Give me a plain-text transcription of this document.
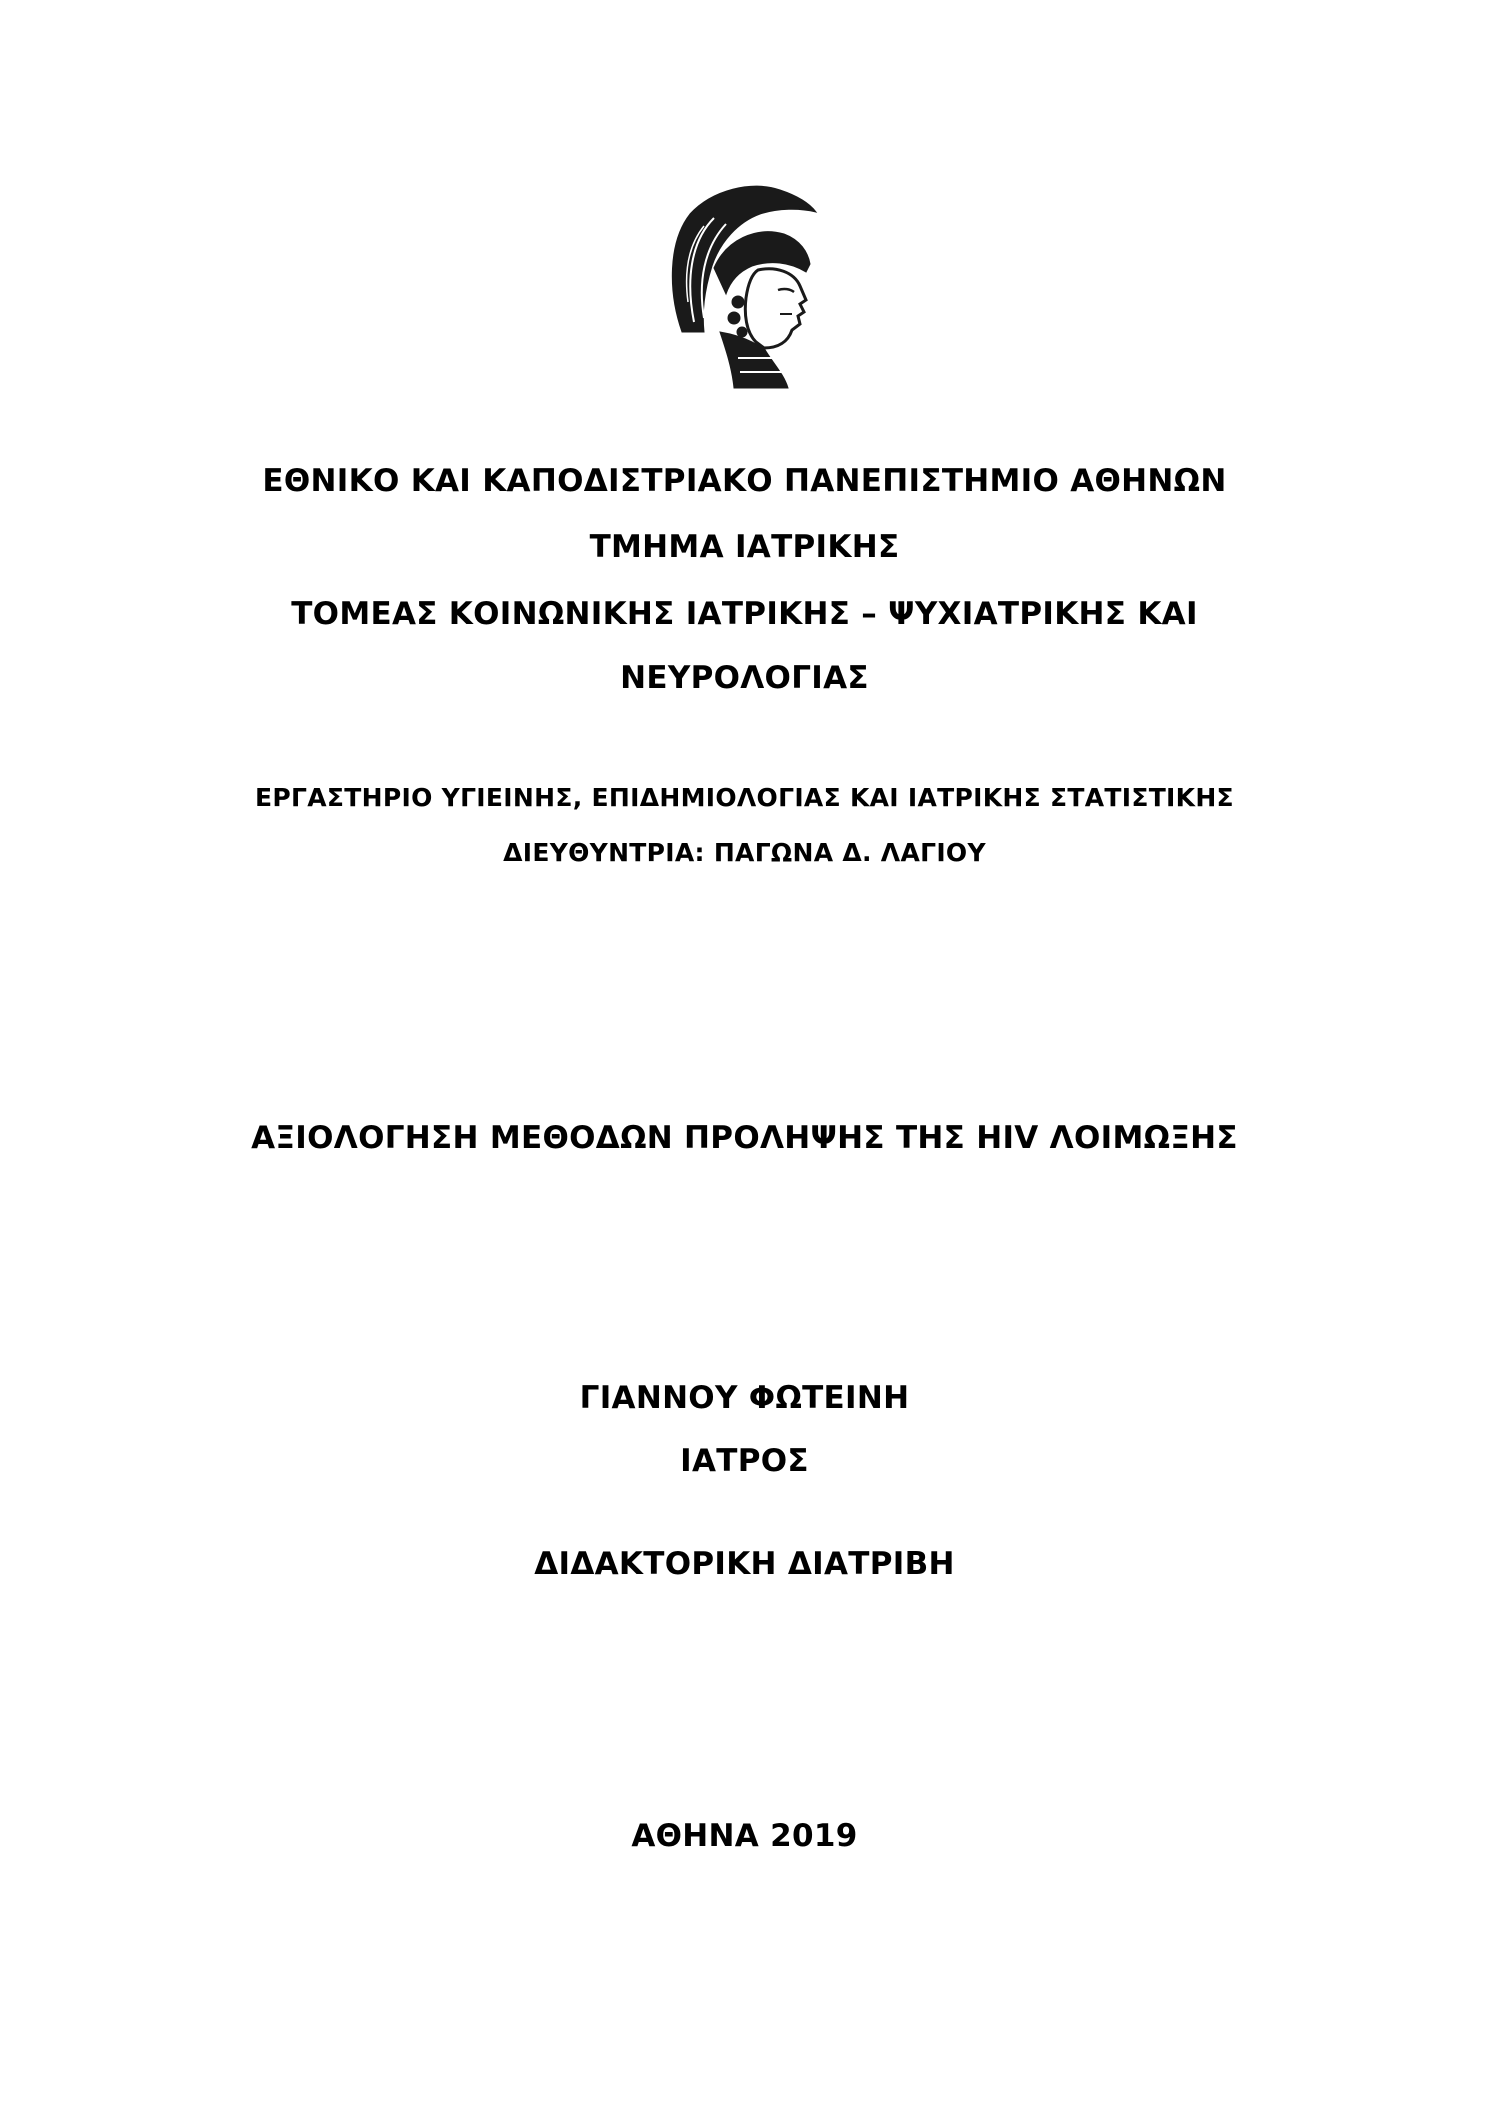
ΕΘΝΙΚΟ ΚΑΙ ΚΑΠΟΔΙΣΤΡΙΑΚΟ ΠΑΝΕΠΙΣΤΗΜΙΟ ΑΘΗΝΩΝ
ΤΜΗΜΑ ΙΑΤΡΙΚΗΣ
ΤΟΜΕΑΣ ΚΟΙΝΩΝΙΚΗΣ ΙΑΤΡΙΚΗΣ – ΨΥΧΙΑΤΡΙΚΗΣ ΚΑΙ
ΝΕΥΡΟΛΟΓΙΑΣ
ΕΡΓΑΣΤΗΡΙΟ ΥΓΙΕΙΝΗΣ, ΕΠΙΔΗΜΙΟΛΟΓΙΑΣ ΚΑΙ ΙΑΤΡΙΚΗΣ ΣΤΑΤΙΣΤΙΚΗΣ
ΔΙΕΥΘΥΝΤΡΙΑ: ΠΑΓΩΝΑ Δ. ΛΑΓΙΟΥ
ΑΞΙΟΛΟΓΗΣΗ ΜΕΘΟΔΩΝ ΠΡΟΛΗΨΗΣ ΤΗΣ HIV ΛΟΙΜΩΞΗΣ
ΓΙΑΝΝΟΥ ΦΩΤΕΙΝΗ
ΙΑΤΡΟΣ
ΔΙΔΑΚΤΟΡΙΚΗ ΔΙΑΤΡΙΒΗ
ΑΘΗΝΑ 2019
